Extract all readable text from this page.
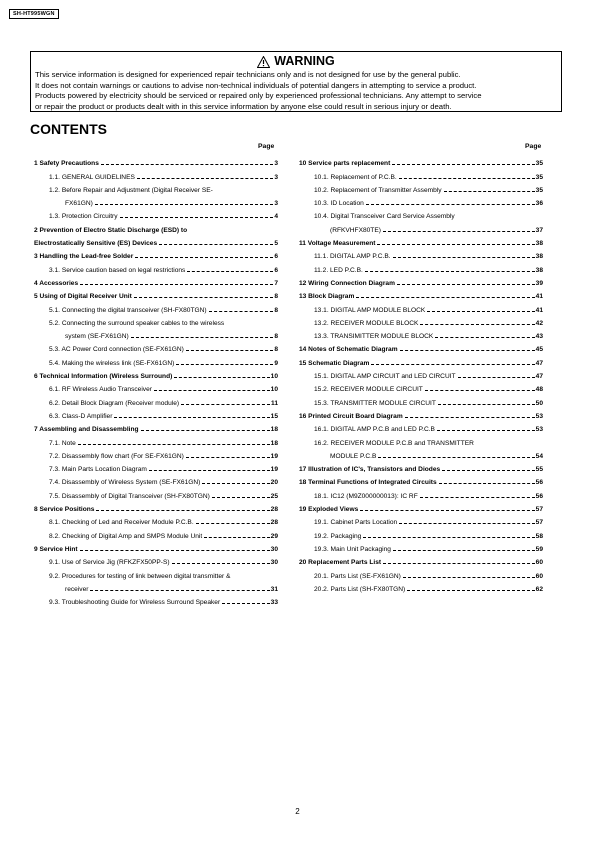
SH-HT995WGN
WARNING
This service information is designed for experienced repair technicians only and is not designed for use by the general public.
It does not contain warnings or cautions to advise non-technical individuals of potential dangers in attempting to service a product.
Products powered by electricity should be serviced or repaired only by experienced professional technicians. Any attempt to service
or repair the product or products dealt with in this service information by anyone else could result in serious injury or death.
CONTENTS
Page	Page
1 Safety Precautions	3
1.1. GENERAL GUIDELINES	3
1.2. Before Repair and Adjustment (Digital Receiver SE-
FX61GN)	3
1.3. Protection Circuitry	4
2 Prevention of Electro Static Discharge (ESD) to
Electrostatically Sensitive (ES) Devices	5
3 Handling the Lead-free Solder	6
3.1. Service caution based on legal restrictions	6
4 Accessories	7
5 Using of Digital Receiver Unit	8
5.1. Connecting the digital transceiver (SH-FX80TGN)	8
5.2. Connecting the surround speaker cables to the wireless
system (SE-FX61GN)	8
5.3. AC Power Cord connection (SE-FX61GN)	8
5.4. Making the wireless link (SE-FX61GN)	9
6 Technical Information (Wireless Surround)	10
6.1. RF Wireless Audio Transceiver	10
6.2. Detail Block Diagram (Receiver module)	11
6.3. Class-D Amplifier	15
7 Assembling and Disassembling	18
7.1. Note	18
7.2. Disassembly flow chart (For SE-FX61GN)	19
7.3. Main Parts Location Diagram	19
7.4. Disassembly of Wireless System (SE-FX61GN)	20
7.5. Disassembly of Digital Transceiver (SH-FX80TGN)	25
8 Service Positions	28
8.1. Checking of Led and Receiver Module P.C.B.	28
8.2. Checking of Digital Amp and SMPS Module Unit	29
9 Service Hint	30
9.1. Use of Service Jig (RFKZFX50PP-S)	30
9.2. Procedures for testing of link between digital transmitter &
receiver	31
9.3. Troubleshooting Guide for Wireless Surround Speaker	33
10 Service parts replacement	35
10.1. Replacement of P.C.B.	35
10.2. Replacement of Transmitter Assembly	35
10.3. ID Location	36
10.4. Digital Transceiver Card Service Assembly
(RFKVHFX80TE)	37
11 Voltage Measurement	38
11.1. DIGITAL AMP P.C.B.	38
11.2. LED P.C.B.	38
12 Wiring Connection Diagram	39
13 Block Diagram	41
13.1. DIGITAL AMP MODULE BLOCK	41
13.2. RECEIVER MODULE BLOCK	42
13.3. TRANSIMITTER MODULE BLOCK	43
14 Notes of Schematic Diagram	45
15 Schematic Diagram	47
15.1. DIGITAL AMP CIRCUIT and LED CIRCUIT	47
15.2. RECEIVER MODULE CIRCUIT	48
15.3. TRANSMITTER MODULE CIRCUIT	50
16 Printed Circuit Board Diagram	53
16.1. DIGITAL AMP P.C.B and LED P.C.B	53
16.2. RECEIVER MODULE P.C.B and TRANSMITTER
MODULE P.C.B	54
17 Illustration of IC's, Transistors and Diodes	55
18 Terminal Functions of Integrated Circuits	56
18.1. IC12 (M9Z000000013): IC RF	56
19 Exploded Views	57
19.1. Cabinet Parts Location	57
19.2. Packaging	58
19.3. Main Unit Packaging	59
20 Replacement Parts List	60
20.1. Parts List (SE-FX61GN)	60
20.2. Parts List (SH-FX80TGN)	62
2
